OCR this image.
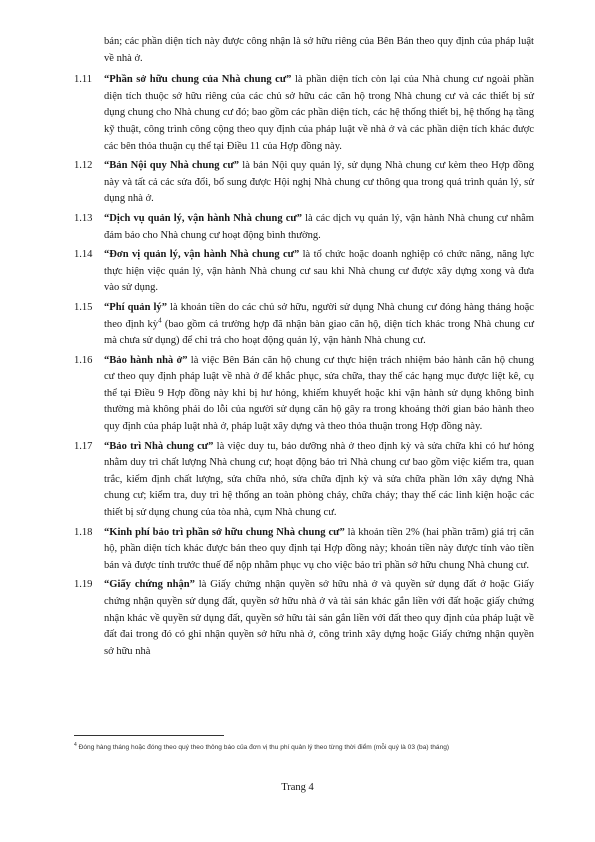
bán; các phần diện tích này được công nhận là sở hữu riêng của Bên Bán theo quy định của pháp luật về nhà ở.

1.11	“Phần sở hữu chung của Nhà chung cư” là phần diện tích còn lại của Nhà chung cư ngoài phần diện tích thuộc sở hữu riêng của các chủ sở hữu các căn hộ trong Nhà chung cư và các thiết bị sử dụng chung cho Nhà chung cư đó; bao gồm các phần diện tích, các hệ thống thiết bị, hệ thống hạ tầng kỹ thuật, công trình công cộng theo quy định của pháp luật về nhà ở và các phần diện tích khác được các bên thỏa thuận cụ thể tại Điều 11 của Hợp đồng này.

1.12	“Bản Nội quy Nhà chung cư” là bản Nội quy quản lý, sử dụng Nhà chung cư kèm theo Hợp đồng này và tất cả các sửa đổi, bổ sung được Hội nghị Nhà chung cư thông qua trong quá trình quản lý, sử dụng nhà ở.

1.13	“Dịch vụ quản lý, vận hành Nhà chung cư” là các dịch vụ quản lý, vận hành Nhà chung cư nhằm đảm bảo cho Nhà chung cư hoạt động bình thường.

1.14	“Đơn vị quản lý, vận hành Nhà chung cư” là tổ chức hoặc doanh nghiệp có chức năng, năng lực thực hiện việc quản lý, vận hành Nhà chung cư sau khi Nhà chung cư được xây dựng xong và đưa vào sử dụng.

1.15	“Phí quản lý” là khoản tiền do các chủ sở hữu, người sử dụng Nhà chung cư đóng hàng tháng hoặc theo định kỳ$^4$ (bao gồm cả trường hợp đã nhận bàn giao căn hộ, diện tích khác trong Nhà chung cư mà chưa sử dụng) để chi trả cho hoạt động quản lý, vận hành Nhà chung cư.

1.16	“Bảo hành nhà ở” là việc Bên Bán căn hộ chung cư thực hiện trách nhiệm bảo hành căn hộ chung cư theo quy định pháp luật về nhà ở để khắc phục, sửa chữa, thay thế các hạng mục được liệt kê, cụ thể tại Điều 9 Hợp đồng này khi bị hư hỏng, khiếm khuyết hoặc khi vận hành sử dụng không bình thường mà không phải do lỗi của người sử dụng căn hộ gây ra trong khoảng thời gian bảo hành theo quy định của pháp luật nhà ở, pháp luật xây dựng và theo thỏa thuận trong Hợp đồng này.

1.17	“Bảo trì Nhà chung cư” là việc duy tu, bảo dưỡng nhà ở theo định kỳ và sửa chữa khi có hư hỏng nhằm duy trì chất lượng Nhà chung cư; hoạt động bảo trì Nhà chung cư bao gồm việc kiểm tra, quan trắc, kiểm định chất lượng, sửa chữa nhỏ, sửa chữa định kỳ và sửa chữa phần lớn xây dựng Nhà chung cư; kiểm tra, duy trì hệ thống an toàn phòng cháy, chữa cháy; thay thế các linh kiện hoặc các thiết bị sử dụng chung của tòa nhà, cụm Nhà chung cư.

1.18	“Kinh phí bảo trì phần sở hữu chung Nhà chung cư” là khoản tiền 2% (hai phần trăm) giá trị căn hộ, phần diện tích khác được bán theo quy định tại Hợp đồng này; khoản tiền này được tính vào tiền bán và được tính trước thuế để nộp nhằm phục vụ cho việc bảo trì phần sở hữu chung Nhà chung cư.

1.19	“Giấy chứng nhận” là Giấy chứng nhận quyền sở hữu nhà ở và quyền sử dụng đất ở hoặc Giấy chứng nhận quyền sử dụng đất, quyền sở hữu nhà ở và tài sản khác gắn liền với đất hoặc giấy chứng nhận khác về quyền sử dụng đất, quyền sở hữu tài sản gắn liền với đất theo quy định của pháp luật về đất đai trong đó có ghi nhận quyền sở hữu nhà ở, công trình xây dựng hoặc Giấy chứng nhận quyền sở hữu nhà

$^4$ Đóng hàng tháng hoặc đóng theo quý theo thông báo của đơn vị thu phí quản lý theo từng thời điểm (mỗi quý là 03 (ba) tháng)
Trang 4
